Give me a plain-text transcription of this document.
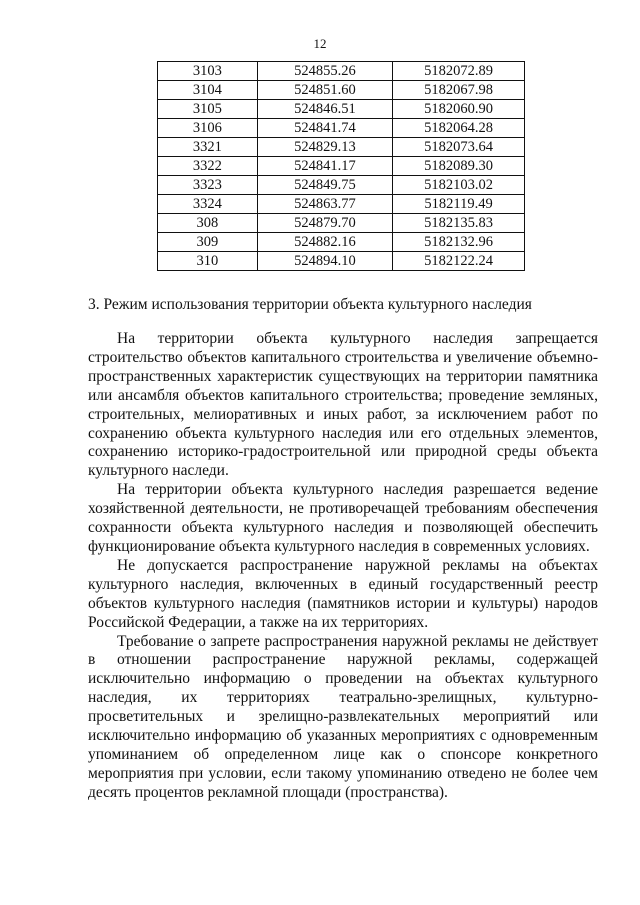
12
3103	524855.26	5182072.89
3104	524851.60	5182067.98
3105	524846.51	5182060.90
3106	524841.74	5182064.28
3321	524829.13	5182073.64
3322	524841.17	5182089.30
3323	524849.75	5182103.02
3324	524863.77	5182119.49
308	524879.70	5182135.83
309	524882.16	5182132.96
310	524894.10	5182122.24
3. Режим использования территории объекта культурного наследия

На территории объекта культурного наследия запрещается строительство объектов капитального строительства и увеличение объемно-пространственных характеристик существующих на территории памятника или ансамбля объектов капитального строительства; проведение земляных, строительных, мелиоративных и иных работ, за исключением работ по сохранению объекта культурного наследия или его отдельных элементов, сохранению историко-градостроительной или природной среды объекта культурного наследи.

На территории объекта культурного наследия разрешается ведение хозяйственной деятельности, не противоречащей требованиям обеспечения сохранности объекта культурного наследия и позволяющей обеспечить функционирование объекта культурного наследия в современных условиях.

Не допускается распространение наружной рекламы на объектах культурного наследия, включенных в единый государственный реестр объектов культурного наследия (памятников истории и культуры) народов Российской Федерации, а также на их территориях.

Требование о запрете распространения наружной рекламы не действует в отношении распространение наружной рекламы, содержащей исключительно информацию о проведении на объектах культурного наследия, их территориях театрально-зрелищных, культурно-просветительных и зрелищно-развлекательных мероприятий или исключительно информацию об указанных мероприятиях с одновременным упоминанием об определенном лице как о спонсоре конкретного мероприятия при условии, если такому упоминанию отведено не более чем десять процентов рекламной площади (пространства).
